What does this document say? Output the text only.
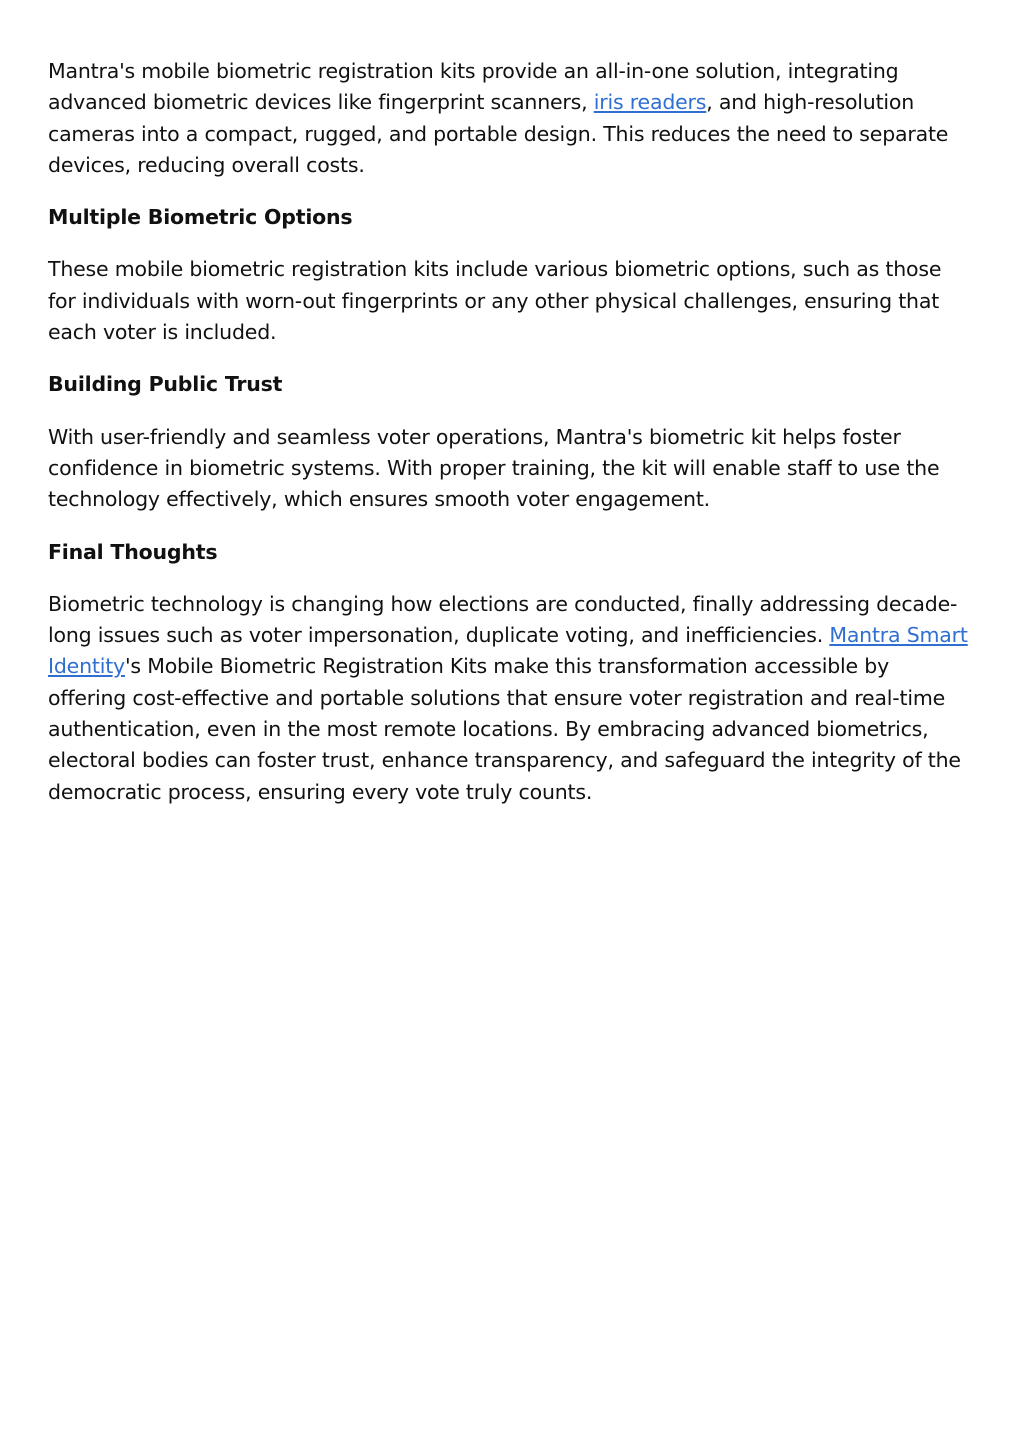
Mantra's mobile biometric registration kits provide an all-in-one solution, integrating advanced biometric devices like fingerprint scanners, iris readers, and high-resolution cameras into a compact, rugged, and portable design. This reduces the need to separate devices, reducing overall costs.

Multiple Biometric Options

These mobile biometric registration kits include various biometric options, such as those for individuals with worn-out fingerprints or any other physical challenges, ensuring that each voter is included.

Building Public Trust

With user-friendly and seamless voter operations, Mantra's biometric kit helps foster confidence in biometric systems. With proper training, the kit will enable staff to use the technology effectively, which ensures smooth voter engagement.

Final Thoughts

Biometric technology is changing how elections are conducted, finally addressing decade-long issues such as voter impersonation, duplicate voting, and inefficiencies. Mantra Smart Identity's Mobile Biometric Registration Kits make this transformation accessible by offering cost-effective and portable solutions that ensure voter registration and real-time authentication, even in the most remote locations. By embracing advanced biometrics, electoral bodies can foster trust, enhance transparency, and safeguard the integrity of the democratic process, ensuring every vote truly counts.
